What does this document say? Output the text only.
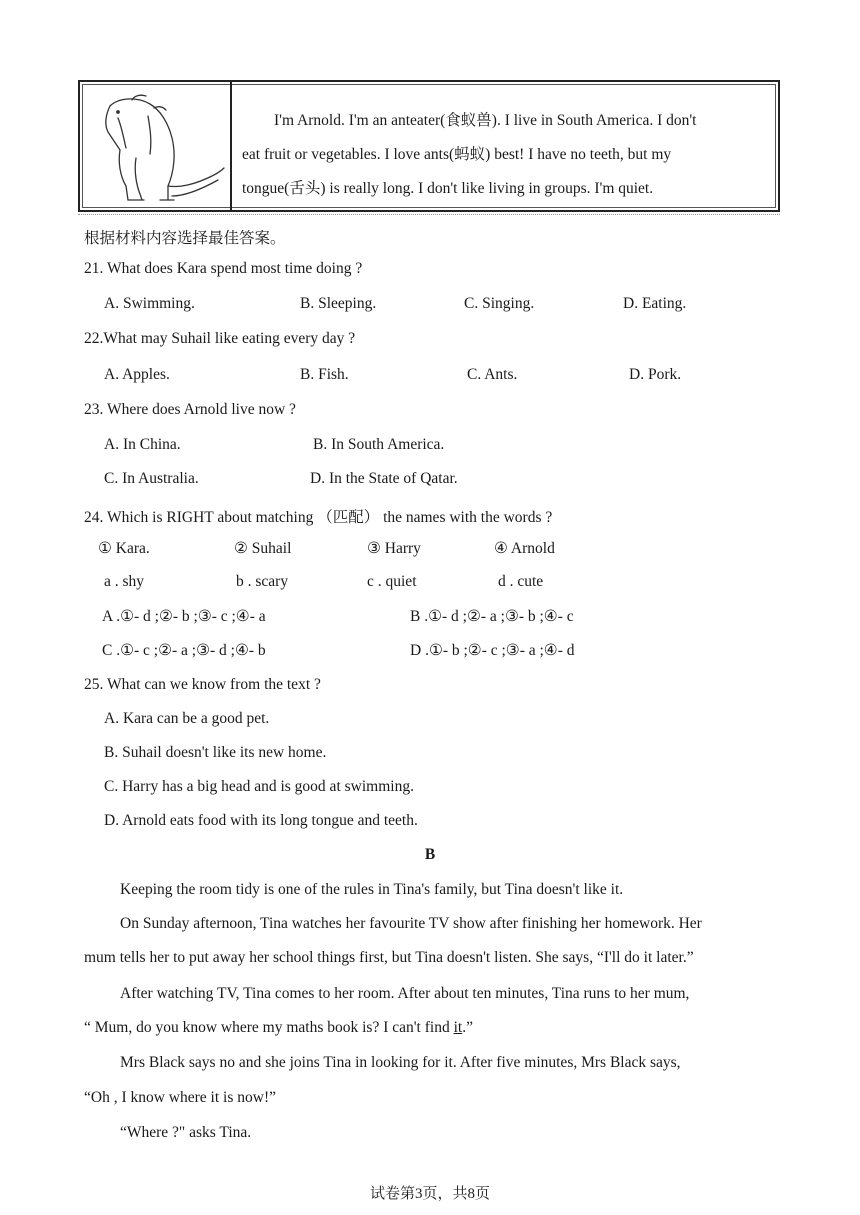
I'm Arnold. I'm an anteater(食蚁兽). I live in South America. I don't
eat fruit or vegetables. I love ants(蚂蚁) best! I have no teeth, but my
tongue(舌头) is really long. I don't like living in groups. I'm quiet.
根据材料内容选择最佳答案。
21. What does Kara spend most time doing ?
A. Swimming.	B. Sleeping.	C. Singing.	D. Eating.
22.What may Suhail like eating every day ?
A. Apples.	B. Fish.	C. Ants.	D. Pork.
23. Where does Arnold live now ?
A. In China.	B. In South America.
C. In Australia.	D. In the State of Qatar.
24. Which is RIGHT about matching （匹配） the names with the words ?
① Kara.	② Suhail	③ Harry	④ Arnold
a . shy	b . scary	c . quiet	d . cute
A .①- d ;②- b ;③- c ;④- a	B .①- d ;②- a ;③- b ;④- c
C .①- c ;②- a ;③- d ;④- b	D .①- b ;②- c ;③- a ;④- d
25. What can we know from the text ?
A. Kara can be a good pet.
B. Suhail doesn't like its new home.
C. Harry has a big head and is good at swimming.
D. Arnold eats food with its long tongue and teeth.
B
Keeping the room tidy is one of the rules in Tina's family, but Tina doesn't like it.
On Sunday afternoon, Tina watches her favourite TV show after finishing her homework. Her
mum tells her to put away her school things first, but Tina doesn't listen. She says, “I'll do it later.”
After watching TV, Tina comes to her room. After about ten minutes, Tina runs to her mum,
“ Mum, do you know where my maths book is? I can't find it.”
Mrs Black says no and she joins Tina in looking for it. After five minutes, Mrs Black says,
“Oh , I know where it is now!”
“Where ?" asks Tina.
试卷第3页，共8页
